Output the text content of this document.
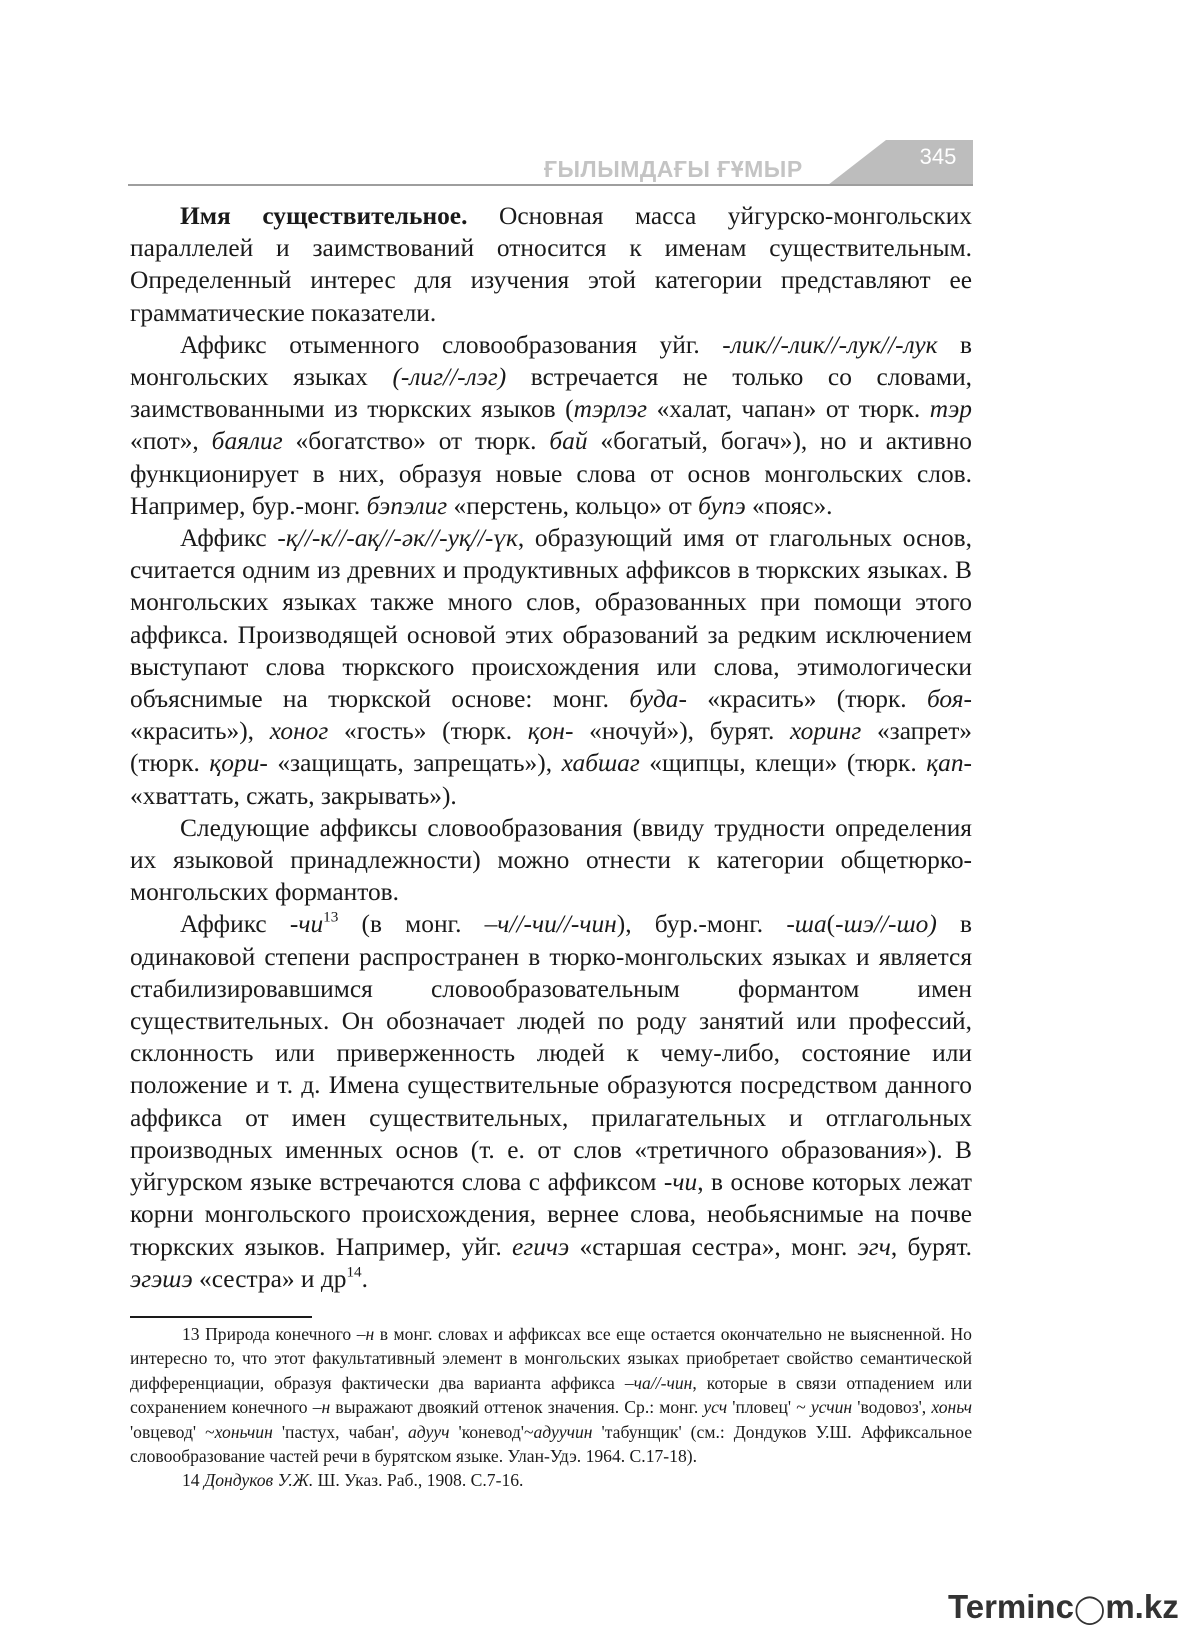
ҒЫЛЫМДАҒЫ ҒҰМЫР	345

Имя существительное. Основная масса уйгурско-монгольских параллелей и заимствований относится к именам существительным. Определенный интерес для изучения этой категории представляют ее грамматические показатели.

Аффикс отыменного словообразования уйг. -лик//-лик//-лук//-лук в монгольских языках (-лиг//-лэг) встречается не только со словами, заимствованными из тюркских языков (тэрлэг «халат, чапан» от тюрк. тэр «пот», баялиг «богатство» от тюрк. бай «богатый, богач»), но и активно функционирует в них, образуя новые слова от основ монгольских слов. Например, бур.-монг. бэпэлиг «перстень, кольцо» от бупэ «пояс».

Аффикс -қ//-к//-ақ//-әк//-уқ//-үк, образующий имя от глагольных основ, считается одним из древних и продуктивных аффиксов в тюркских языках. В монгольских языках также много слов, образованных при помощи этого аффикса. Производящей основой этих образований за редким исключением выступают слова тюркского происхождения или слова, этимологически объяснимые на тюркской основе: монг. буда- «красить» (тюрк. боя- «красить»), хоног «гость» (тюрк. қон- «ночуй»), бурят. хоринг «запрет» (тюрк. қори- «защищать, запрещать»), хабшаг «щипцы, клещи» (тюрк. қап- «хваттать, сжать, закрывать»).

Следующие аффиксы словообразования (ввиду трудности определения их языковой принадлежности) можно отнести к категории общетюрко-монгольских формантов.

Аффикс $-чи^{13}$ (в монг. –ч//-чи//-чин), бур.-монг. -ша(-шэ//-шо) в одинаковой степени распространен в тюрко-монгольских языках и является стабилизировавшимся словообразовательным формантом имен существительных. Он обозначает людей по роду занятий или профессий, склонность или приверженность людей к чему-либо, состояние или положение и т. д. Имена существительные образуются посредством данного аффикса от имен существительных, прилагательных и отглагольных производных именных основ (т. е. от слов «третичного образования»). В уйгурском языке встречаются слова с аффиксом -чи, в основе которых лежат корни монгольского происхождения, вернее слова, необьяснимые на почве тюркских языков. Например, уйг. егичэ «старшая сестра», монг. эгч, бурят. эгэшэ «сестра» и $др^{14}$.

13 Природа конечного –н в монг. словах и аффиксах все еще остается окончательно не выясненной. Но интересно то, что этот факультативный элемент в монгольских языках приобретает свойство семантической дифференциации, образуя фактически два варианта аффикса –ча//-чин, которые в связи отпадением или сохранением конечного –н выражают двоякий оттенок значения. Ср.: монг. усч 'пловец' ~ усчин 'водовоз', хоньч 'овцевод' ~хоньчин 'пастух, чабан', адууч 'коневод'~адуучин 'табунщик' (см.: Дондуков У.Ш. Аффиксальное словообразование частей речи в бурятском языке. Улан-Удэ. 1964. С.17-18).

14 Дондуков У.Ж. Ш. Указ. Раб., 1908. С.7-16.

Terminc◯m.kz
